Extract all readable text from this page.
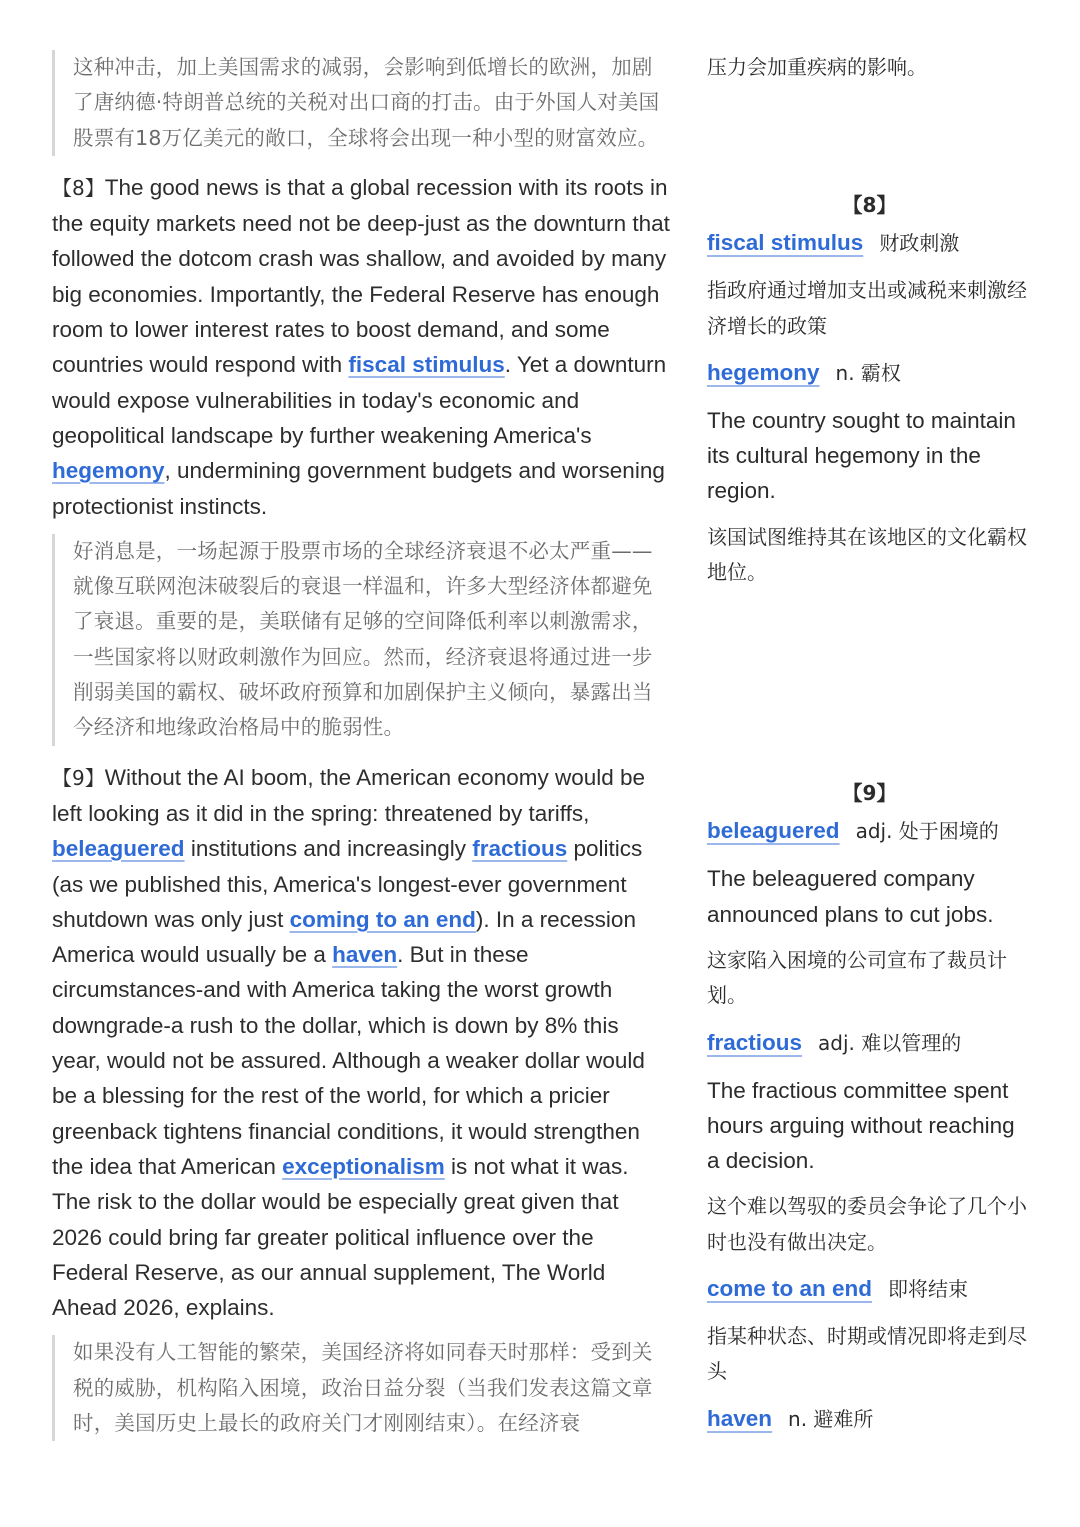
这种冲击，加上美国需求的减弱，会影响到低增长的欧洲，加剧了唐纳德·特朗普总统的关税对出口商的打击。由于外国人对美国股票有18万亿美元的敞口，全球将会出现一种小型的财富效应。

【8】The good news is that a global recession with its roots in the equity markets need not be deep-just as the downturn that followed the dotcom crash was shallow, and avoided by many big economies. Importantly, the Federal Reserve has enough room to lower interest rates to boost demand, and some countries would respond with fiscal stimulus. Yet a downturn would expose vulnerabilities in today's economic and geopolitical landscape by further weakening America's hegemony, undermining government budgets and worsening protectionist instincts.

好消息是，一场起源于股票市场的全球经济衰退不必太严重——就像互联网泡沫破裂后的衰退一样温和，许多大型经济体都避免了衰退。重要的是，美联储有足够的空间降低利率以刺激需求，一些国家将以财政刺激作为回应。然而，经济衰退将通过进一步削弱美国的霸权、破坏政府预算和加剧保护主义倾向，暴露出当今经济和地缘政治格局中的脆弱性。

【9】Without the AI boom, the American economy would be left looking as it did in the spring: threatened by tariffs, beleaguered institutions and increasingly fractious politics (as we published this, America's longest-ever government shutdown was only just coming to an end). In a recession America would usually be a haven. But in these circumstances-and with America taking the worst growth downgrade-a rush to the dollar, which is down by 8% this year, would not be assured. Although a weaker dollar would be a blessing for the rest of the world, for which a pricier greenback tightens financial conditions, it would strengthen the idea that American exceptionalism is not what it was. The risk to the dollar would be especially great given that 2026 could bring far greater political influence over the Federal Reserve, as our annual supplement, The World Ahead 2026, explains.

如果没有人工智能的繁荣，美国经济将如同春天时那样：受到关税的威胁，机构陷入困境，政治日益分裂（当我们发表这篇文章时，美国历史上最长的政府关门才刚刚结束）。在经济衰

压力会加重疾病的影响。

【8】

fiscal stimulus 财政刺激

指政府通过增加支出或减税来刺激经济增长的政策

hegemony n. 霸权

The country sought to maintain its cultural hegemony in the region.

该国试图维持其在该地区的文化霸权地位。

【9】

beleaguered adj. 处于困境的

The beleaguered company announced plans to cut jobs.

这家陷入困境的公司宣布了裁员计划。

fractious adj. 难以管理的

The fractious committee spent hours arguing without reaching a decision.

这个难以驾驭的委员会争论了几个小时也没有做出决定。

come to an end 即将结束

指某种状态、时期或情况即将走到尽头

haven n. 避难所
